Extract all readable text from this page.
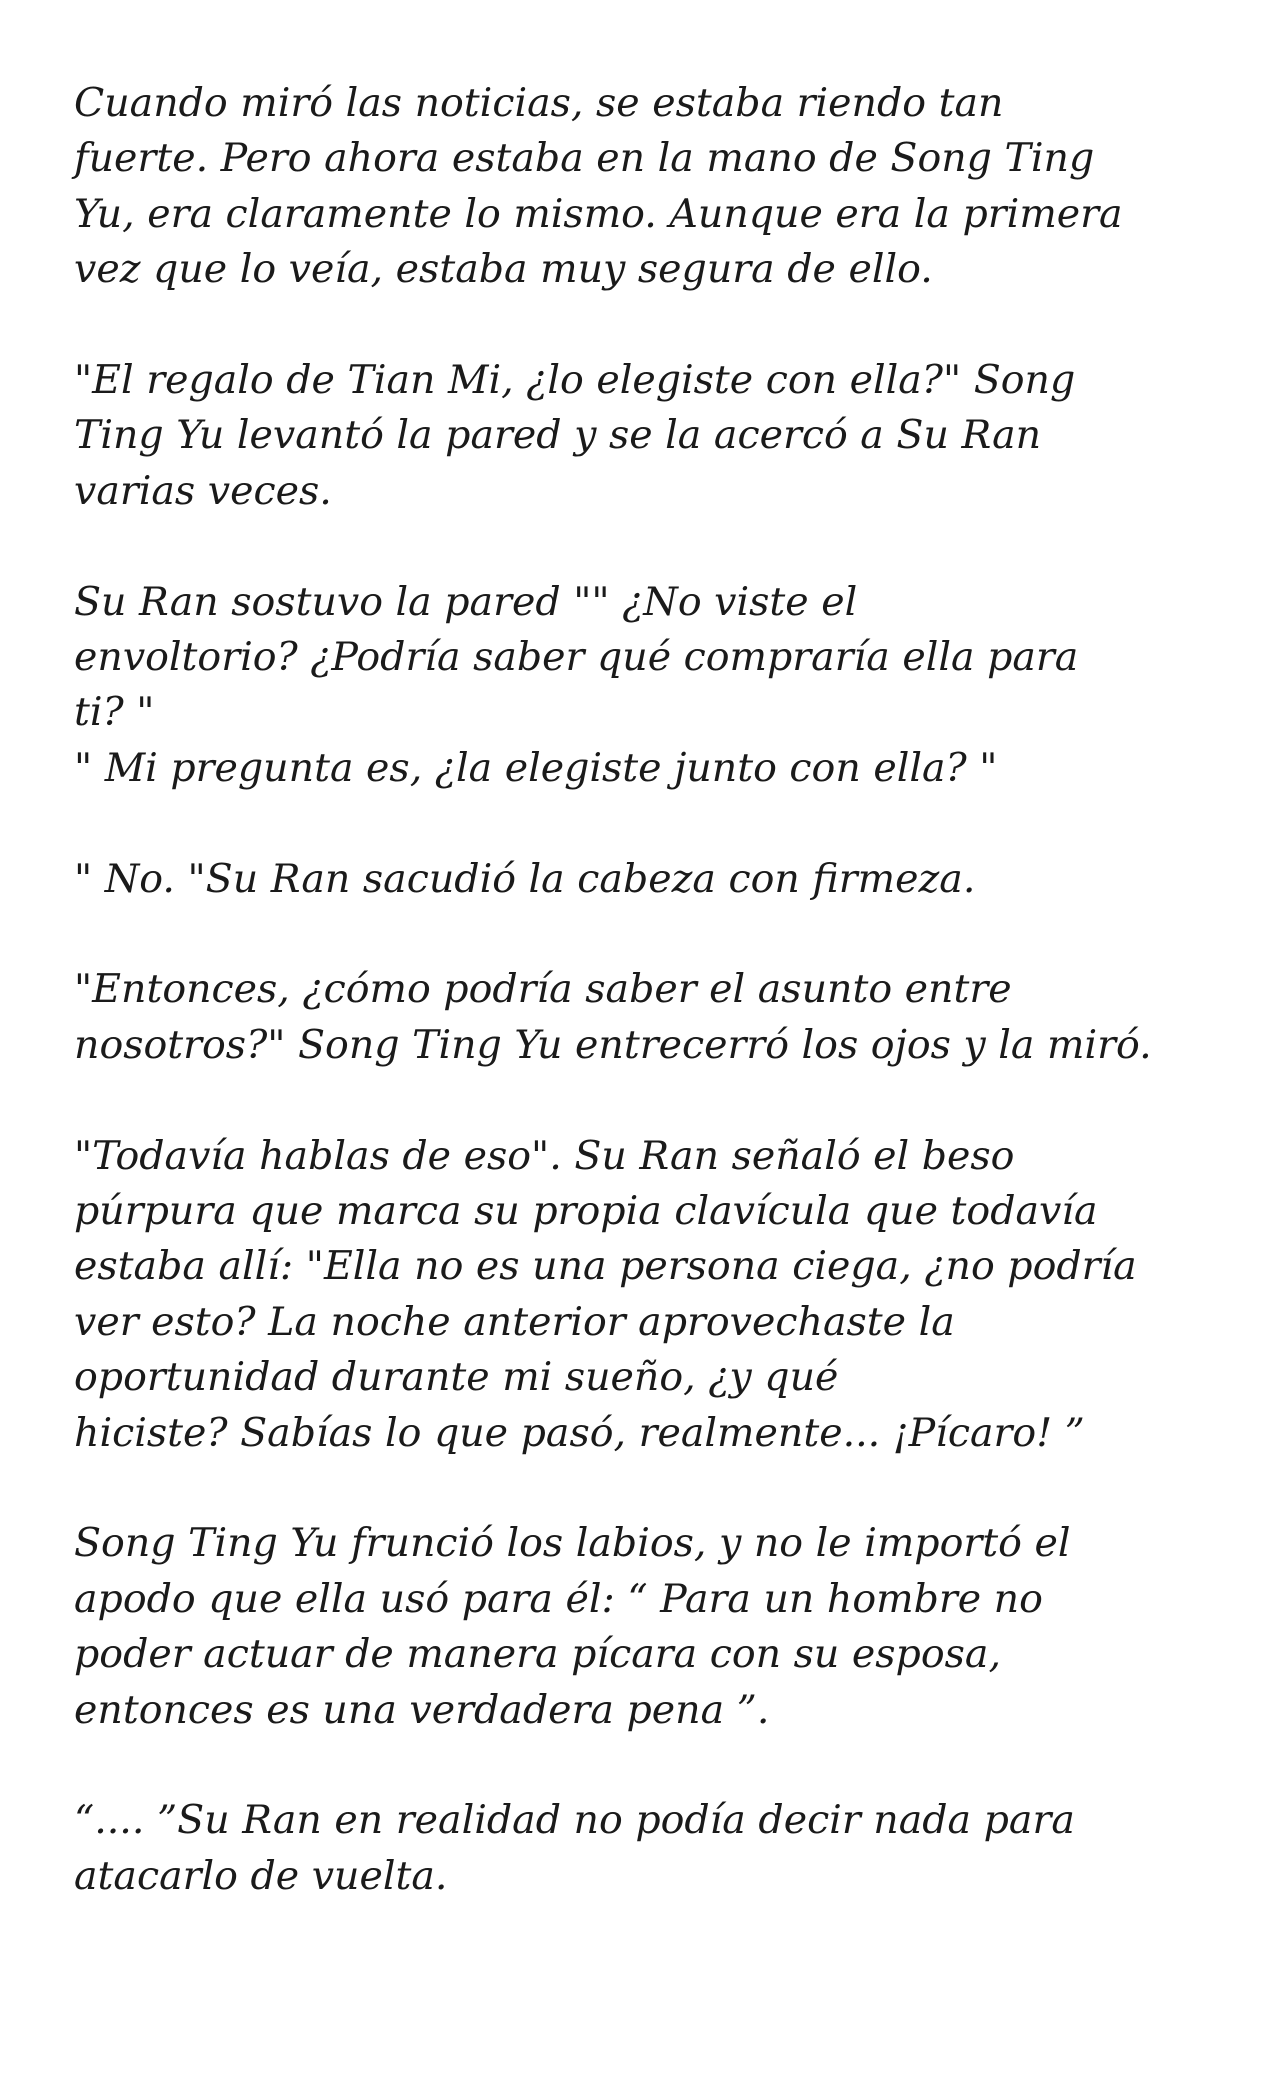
Cuando miró las noticias, se estaba riendo tan
fuerte. Pero ahora estaba en la mano de Song Ting
Yu, era claramente lo mismo. Aunque era la primera
vez que lo veía, estaba muy segura de ello.

"El regalo de Tian Mi, ¿lo elegiste con ella?" Song
Ting Yu levantó la pared y se la acercó a Su Ran
varias veces.

Su Ran sostuvo la pared "" ¿No viste el
envoltorio? ¿Podría saber qué compraría ella para
ti? "
" Mi pregunta es, ¿la elegiste junto con ella? "

" No. "Su Ran sacudió la cabeza con firmeza.

"Entonces, ¿cómo podría saber el asunto entre
nosotros?" Song Ting Yu entrecerró los ojos y la miró.

"Todavía hablas de eso". Su Ran señaló el beso
púrpura que marca su propia clavícula que todavía
estaba allí: "Ella no es una persona ciega, ¿no podría
ver esto? La noche anterior aprovechaste la
oportunidad durante mi sueño, ¿y qué
hiciste? Sabías lo que pasó, realmente... ¡Pícaro! ”

Song Ting Yu frunció los labios, y no le importó el
apodo que ella usó para él: “ Para un hombre no
poder actuar de manera pícara con su esposa,
entonces es una verdadera pena ”.

“.... ”Su Ran en realidad no podía decir nada para
atacarlo de vuelta.
